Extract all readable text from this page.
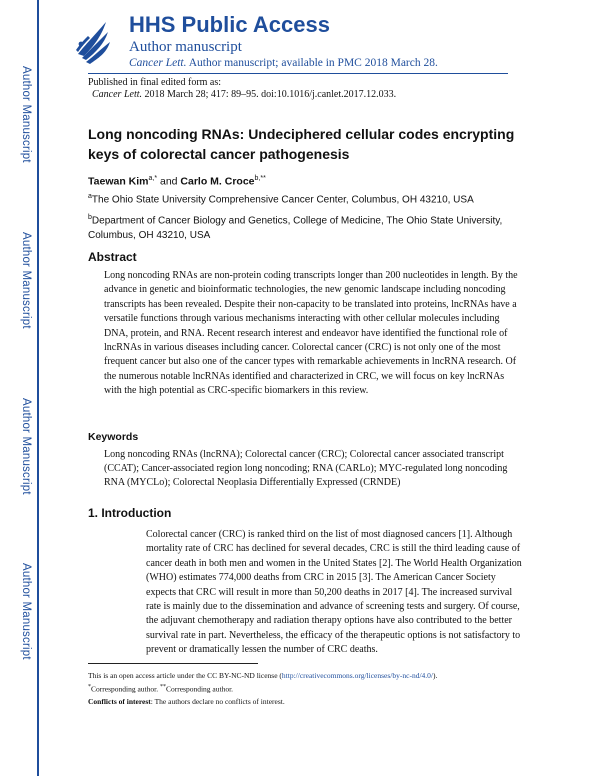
Author Manuscript
Author Manuscript
Author Manuscript
Author Manuscript
HHS Public Access
Author manuscript
Cancer Lett. Author manuscript; available in PMC 2018 March 28.
Published in final edited form as:
Cancer Lett. 2018 March 28; 417: 89–95. doi:10.1016/j.canlet.2017.12.033.
Long noncoding RNAs: Undeciphered cellular codes encrypting keys of colorectal cancer pathogenesis
Taewan Kim$^{a,*}$ and Carlo M. Croce$^{b,**}$
$^a$The Ohio State University Comprehensive Cancer Center, Columbus, OH 43210, USA
$^b$Department of Cancer Biology and Genetics, College of Medicine, The Ohio State University, Columbus, OH 43210, USA
Abstract
Long noncoding RNAs are non-protein coding transcripts longer than 200 nucleotides in length. By the advance in genetic and bioinformatic technologies, the new genomic landscape including noncoding transcripts has been revealed. Despite their non-capacity to be translated into proteins, lncRNAs have a versatile functions through various mechanisms interacting with other cellular molecules including DNA, protein, and RNA. Recent research interest and endeavor have identified the functional role of lncRNAs in various diseases including cancer. Colorectal cancer (CRC) is not only one of the most frequent cancer but also one of the cancer types with remarkable achievements in lncRNA research. Of the numerous notable lncRNAs identified and characterized in CRC, we will focus on key lncRNAs with the high potential as CRC-specific biomarkers in this review.
Keywords
Long noncoding RNAs (lncRNA); Colorectal cancer (CRC); Colorectal cancer associated transcript (CCAT); Cancer-associated region long noncoding; RNA (CARLo); MYC-regulated long noncoding RNA (MYCLo); Colorectal Neoplasia Differentially Expressed (CRNDE)
1. Introduction
Colorectal cancer (CRC) is ranked third on the list of most diagnosed cancers [1]. Although mortality rate of CRC has declined for several decades, CRC is still the third leading cause of cancer death in both men and women in the United States [2]. The World Health Organization (WHO) estimates 774,000 deaths from CRC in 2015 [3]. The American Cancer Society expects that CRC will result in more than 50,200 deaths in 2017 [4]. The increased survival rate is mainly due to the dissemination and advance of screening tests and surgery. Of course, the adjuvant chemotherapy and radiation therapy options have also contributed to the better survival rate in part. Nevertheless, the efficacy of the therapeutic options is not satisfactory to prevent or dramatically lessen the number of CRC deaths.
This is an open access article under the CC BY-NC-ND license (http://creativecommons.org/licenses/by-nc-nd/4.0/).
*Corresponding author. **Corresponding author.
Conflicts of interest: The authors declare no conflicts of interest.
